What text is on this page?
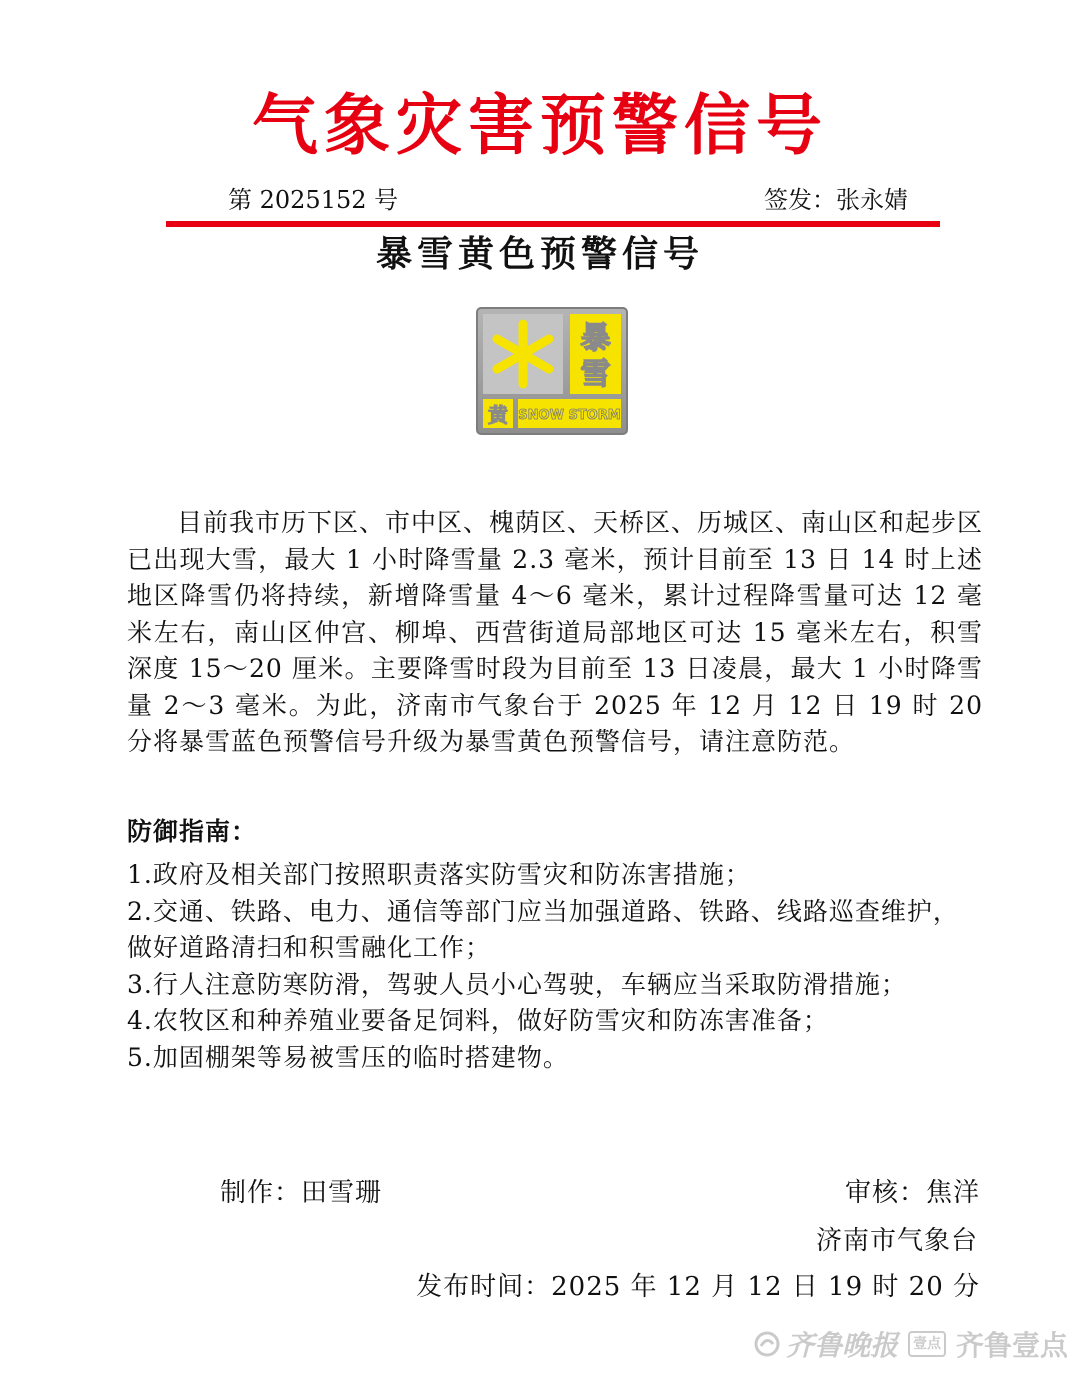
气象灾害预警信号
第 2025152 号	签发：张永婧
暴雪黄色预警信号
暴雪
黄 SNOW STORM

目前我市历下区、市中区、槐荫区、天桥区、历城区、南山区和起步区已出现大雪，最大 1 小时降雪量 2.3 毫米，预计目前至 13 日 14 时上述地区降雪仍将持续，新增降雪量 4～6 毫米，累计过程降雪量可达 12 毫米左右，南山区仲宫、柳埠、西营街道局部地区可达 15 毫米左右，积雪深度 15～20 厘米。主要降雪时段为目前至 13 日凌晨，最大 1 小时降雪量 2～3 毫米。为此，济南市气象台于 2025 年 12 月 12 日 19 时 20 分将暴雪蓝色预警信号升级为暴雪黄色预警信号，请注意防范。

防御指南：
1.政府及相关部门按照职责落实防雪灾和防冻害措施；
2.交通、铁路、电力、通信等部门应当加强道路、铁路、线路巡查维护，
做好道路清扫和积雪融化工作；
3.行人注意防寒防滑，驾驶人员小心驾驶，车辆应当采取防滑措施；
4.农牧区和种养殖业要备足饲料，做好防雪灾和防冻害准备；
5.加固棚架等易被雪压的临时搭建物。
制作：田雪珊	审核：焦洋
济南市气象台
发布时间：2025 年 12 月 12 日 19 时 20 分
齐鲁晚报	壹点 齐鲁壹点
